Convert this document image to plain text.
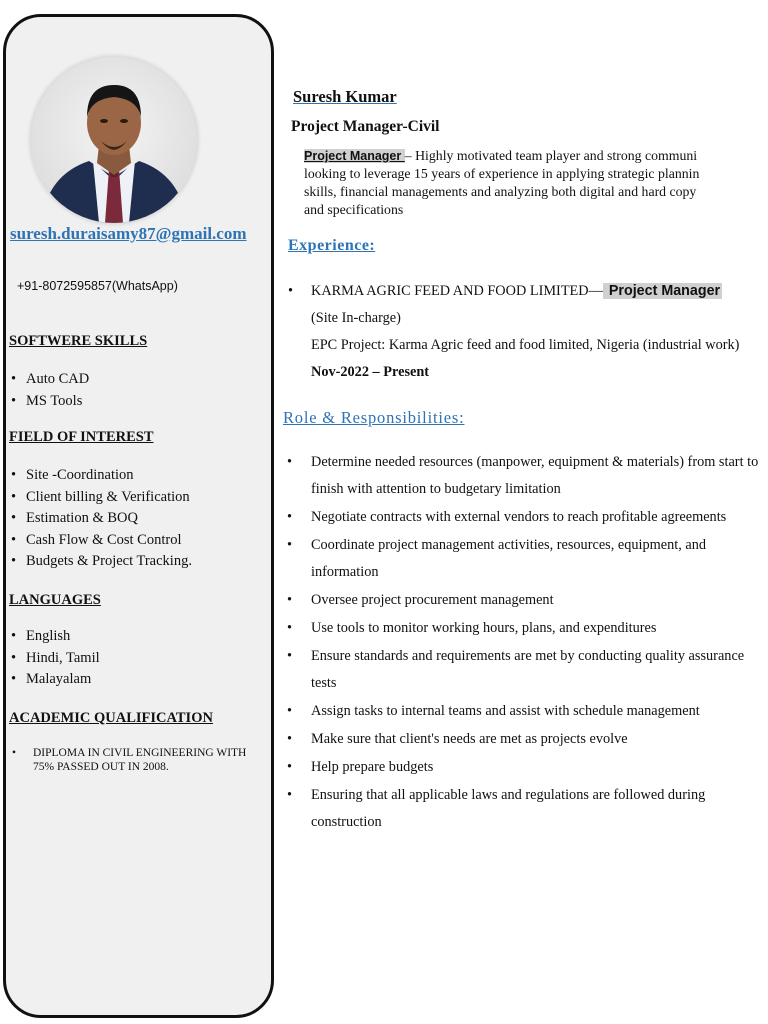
suresh.duraisamy87@gmail.com
+91-8072595857(WhatsApp)
SOFTWERE SKILLS
• Auto CAD
• MS Tools
FIELD OF INTEREST
• Site -Coordination
• Client billing & Verification
• Estimation & BOQ
• Cash Flow & Cost Control
• Budgets & Project Tracking.
LANGUAGES
• English
• Hindi, Tamil
• Malayalam
ACADEMIC QUALIFICATION
•	DIPLOMA IN CIVIL ENGINEERING WITH 75% PASSED OUT IN 2008.
Suresh Kumar
Project Manager-Civil
Project Manager – Highly motivated team player and strong communi
looking to leverage 15 years of experience in applying strategic plannin
skills, financial managements and analyzing both digital and hard copy
and specifications
Experience:
• KARMA AGRIC FEED AND FOOD LIMITED— Project Manager
(Site In-charge)
EPC Project: Karma Agric feed and food limited, Nigeria (industrial work)
Nov-2022 – Present
Role & Responsibilities:
• Determine needed resources (manpower, equipment & materials) from start to finish with attention to budgetary limitation
• Negotiate contracts with external vendors to reach profitable agreements
• Coordinate project management activities, resources, equipment, and information
• Oversee project procurement management
• Use tools to monitor working hours, plans, and expenditures
• Ensure standards and requirements are met by conducting quality assurance tests
• Assign tasks to internal teams and assist with schedule management
• Make sure that client's needs are met as projects evolve
• Help prepare budgets
• Ensuring that all applicable laws and regulations are followed during construction
